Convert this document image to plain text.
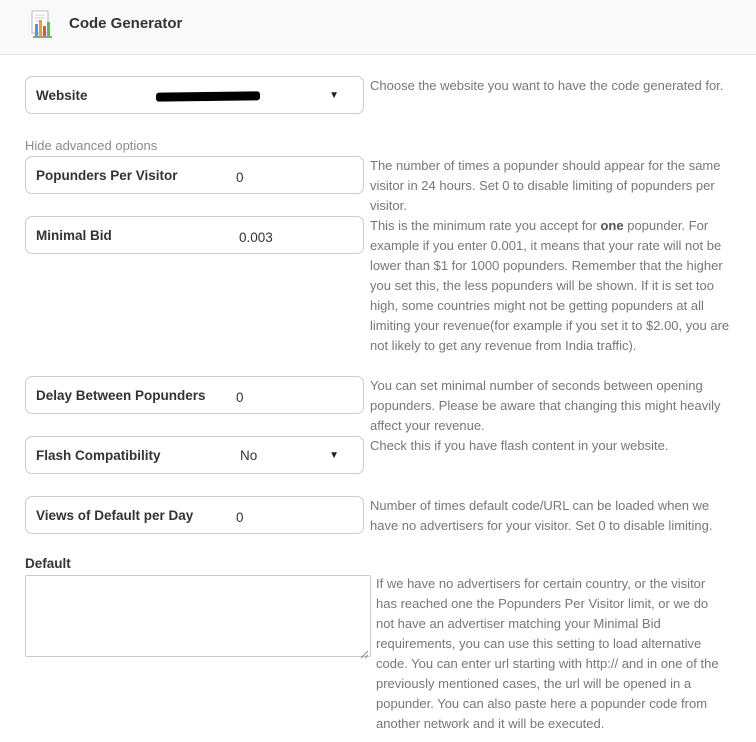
Code Generator
Website	▼
Choose the website you want to have the code generated for.
Hide advanced options
Popunders Per Visitor	0
The number of times a popunder should appear for the same visitor in 24 hours. Set 0 to disable limiting of popunders per visitor.
Minimal Bid	0.003
This is the minimum rate you accept for one popunder. For example if you enter 0.001, it means that your rate will not be lower than $1 for 1000 popunders. Remember that the higher you set this, the less popunders will be shown. If it is set too high, some countries might not be getting popunders at all limiting your revenue(for example if you set it to $2.00, you are not likely to get any revenue from India traffic).
Delay Between Popunders 0
You can set minimal number of seconds between opening popunders. Please be aware that changing this might heavily affect your revenue.
Flash Compatibility	No	▼
Check this if you have flash content in your website.
Views of Default per Day	0
Number of times default code/URL can be loaded when we have no advertisers for your visitor. Set 0 to disable limiting.
Default
If we have no advertisers for certain country, or the visitor has reached one the Popunders Per Visitor limit, or we do not have an advertiser matching your Minimal Bid requirements, you can use this setting to load alternative code. You can enter url starting with http:// and in one of the previously mentioned cases, the url will be opened in a popunder. You can also paste here a popunder code from another network and it will be executed.
